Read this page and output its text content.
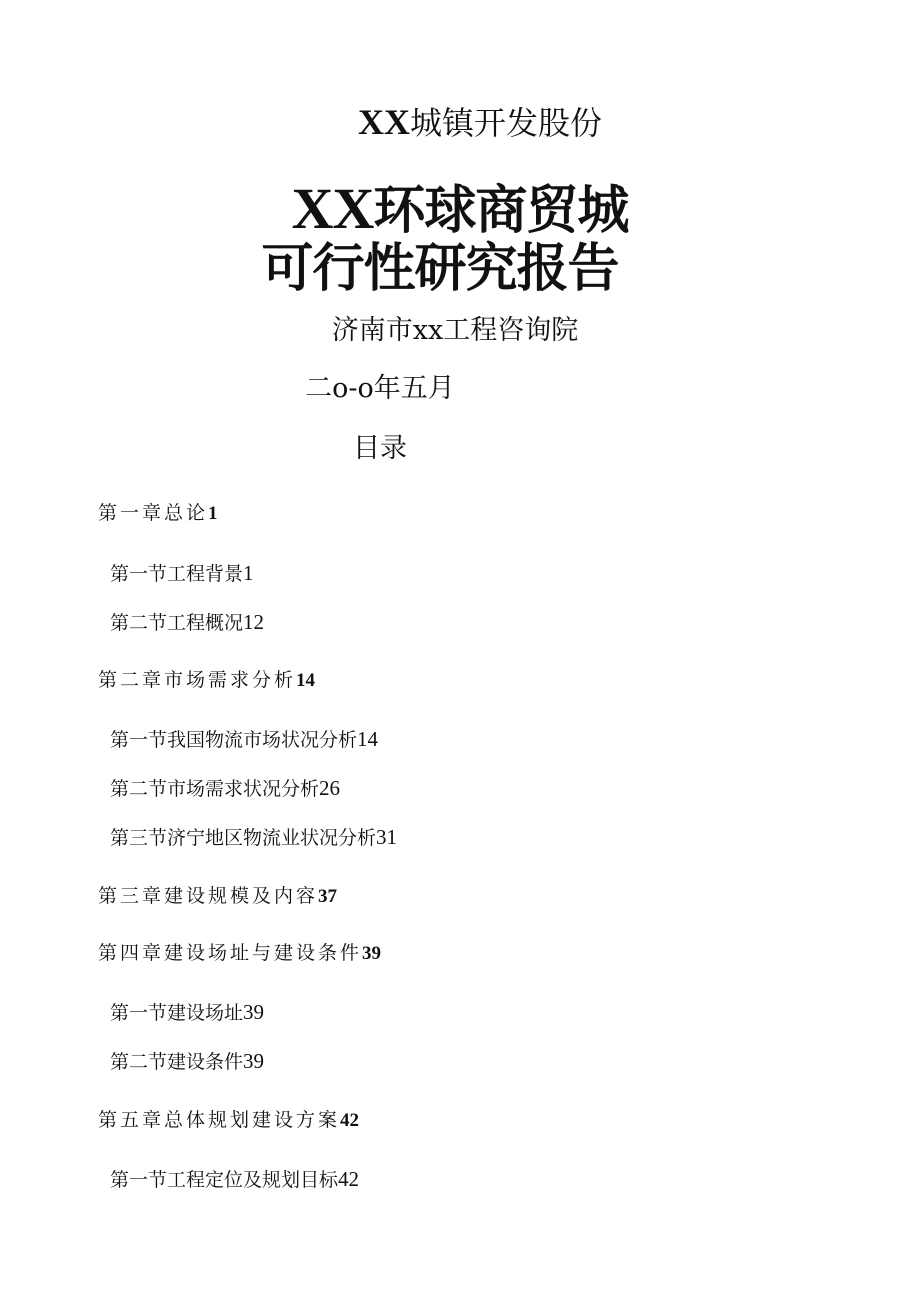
XX城镇开发股份
XX环球商贸城
可行性研究报告
济南市xx工程咨询院
二o-o年五月
目录
第一章总论1
第一节工程背景1
第二节工程概况12
第二章市场需求分析14
第一节我国物流市场状况分析14
第二节市场需求状况分析26
第三节济宁地区物流业状况分析31
第三章建设规模及内容37
第四章建设场址与建设条件39
第一节建设场址39
第二节建设条件39
第五章总体规划建设方案42
第一节工程定位及规划目标42
